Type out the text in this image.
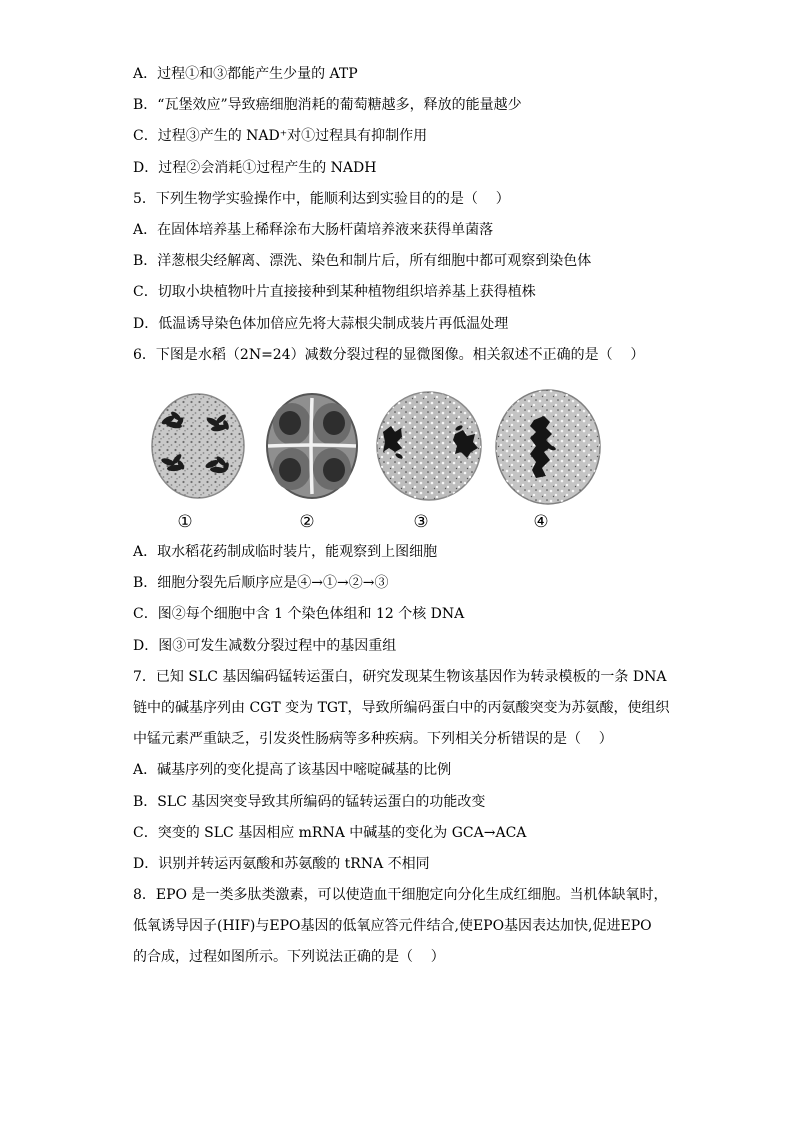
A．过程①和③都能产生少量的 ATP
B．“瓦堡效应”导致癌细胞消耗的葡萄糖越多，释放的能量越少
C．过程③产生的 NAD⁺对①过程具有抑制作用
D．过程②会消耗①过程产生的 NADH
5．下列生物学实验操作中，能顺利达到实验目的的是（    ）
A．在固体培养基上稀释涂布大肠杆菌培养液来获得单菌落
B．洋葱根尖经解离、漂洗、染色和制片后，所有细胞中都可观察到染色体
C．切取小块植物叶片直接接种到某种植物组织培养基上获得植株
D．低温诱导染色体加倍应先将大蒜根尖制成装片再低温处理
6．下图是水稻（2N=24）减数分裂过程的显微图像。相关叙述不正确的是（    ）
①	②	③	④
A．取水稻花药制成临时装片，能观察到上图细胞
B．细胞分裂先后顺序应是④→①→②→③
C．图②每个细胞中含 1 个染色体组和 12 个核 DNA
D．图③可发生减数分裂过程中的基因重组
7．已知 SLC 基因编码锰转运蛋白，研究发现某生物该基因作为转录模板的一条 DNA
链中的碱基序列由 CGT 变为 TGT，导致所编码蛋白中的丙氨酸突变为苏氨酸，使组织
中锰元素严重缺乏，引发炎性肠病等多种疾病。下列相关分析错误的是（    ）
A．碱基序列的变化提高了该基因中嘧啶碱基的比例
B．SLC 基因突变导致其所编码的锰转运蛋白的功能改变
C．突变的 SLC 基因相应 mRNA 中碱基的变化为 GCA→ACA
D．识别并转运丙氨酸和苏氨酸的 tRNA 不相同
8．EPO 是一类多肽类激素，可以使造血干细胞定向分化生成红细胞。当机体缺氧时，
低氧诱导因子(HIF)与EPO基因的低氧应答元件结合,使EPO基因表达加快,促进EPO
的合成，过程如图所示。下列说法正确的是（    ）
